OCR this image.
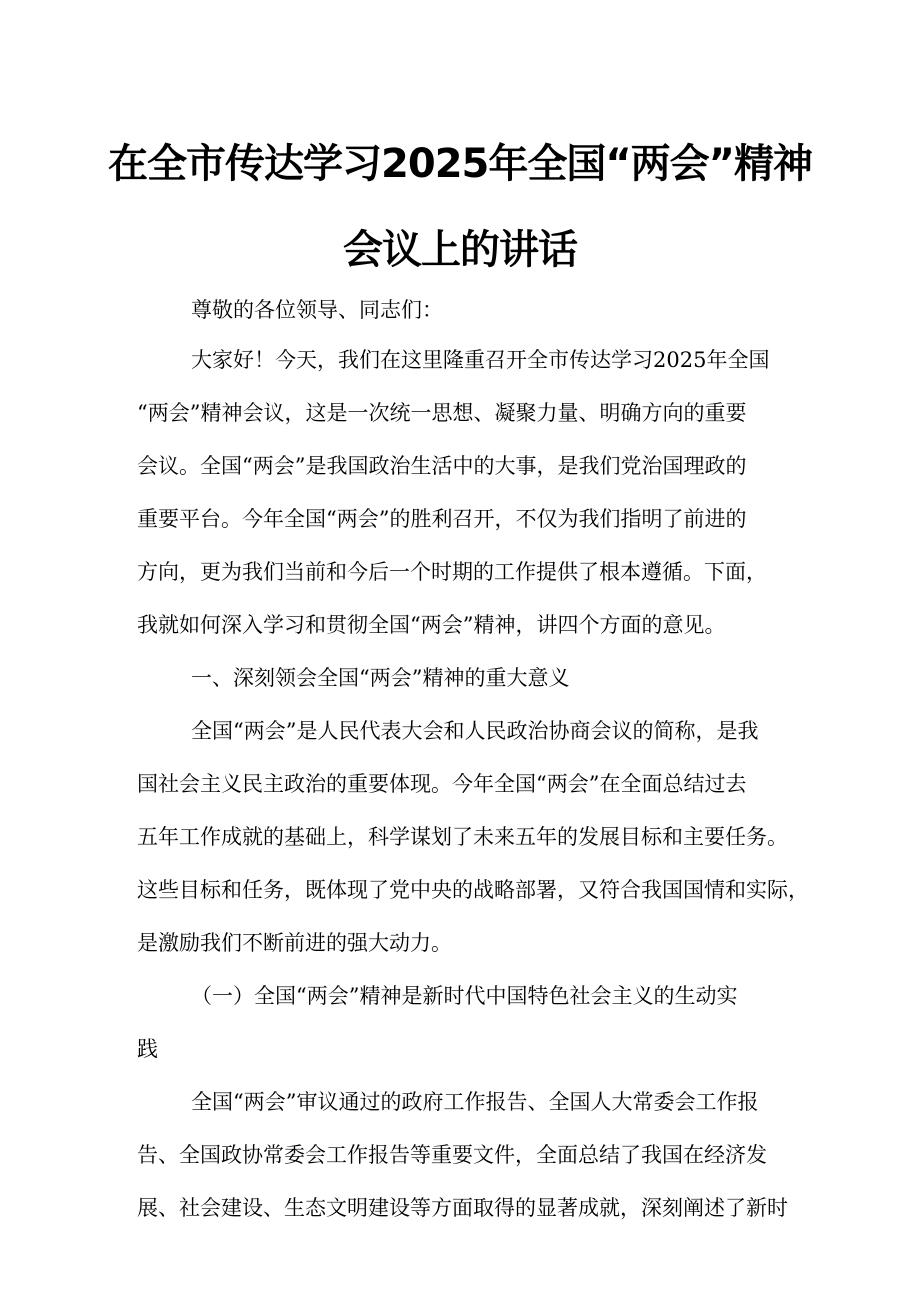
在全市传达学习2025年全国“两会”精神
会议上的讲话
尊敬的各位领导、同志们：
大家好！今天，我们在这里隆重召开全市传达学习2025年全国
“两会”精神会议，这是一次统一思想、凝聚力量、明确方向的重要
会议。全国“两会”是我国政治生活中的大事，是我们党治国理政的
重要平台。今年全国“两会”的胜利召开，不仅为我们指明了前进的
方向，更为我们当前和今后一个时期的工作提供了根本遵循。下面，
我就如何深入学习和贯彻全国“两会”精神，讲四个方面的意见。
一、深刻领会全国“两会”精神的重大意义
全国“两会”是人民代表大会和人民政治协商会议的简称，是我
国社会主义民主政治的重要体现。今年全国“两会”在全面总结过去
五年工作成就的基础上，科学谋划了未来五年的发展目标和主要任务。
这些目标和任务，既体现了党中央的战略部署，又符合我国国情和实际，
是激励我们不断前进的强大动力。
（一）全国“两会”精神是新时代中国特色社会主义的生动实
践
全国“两会”审议通过的政府工作报告、全国人大常委会工作报
告、全国政协常委会工作报告等重要文件，全面总结了我国在经济发
展、社会建设、生态文明建设等方面取得的显著成就，深刻阐述了新时
